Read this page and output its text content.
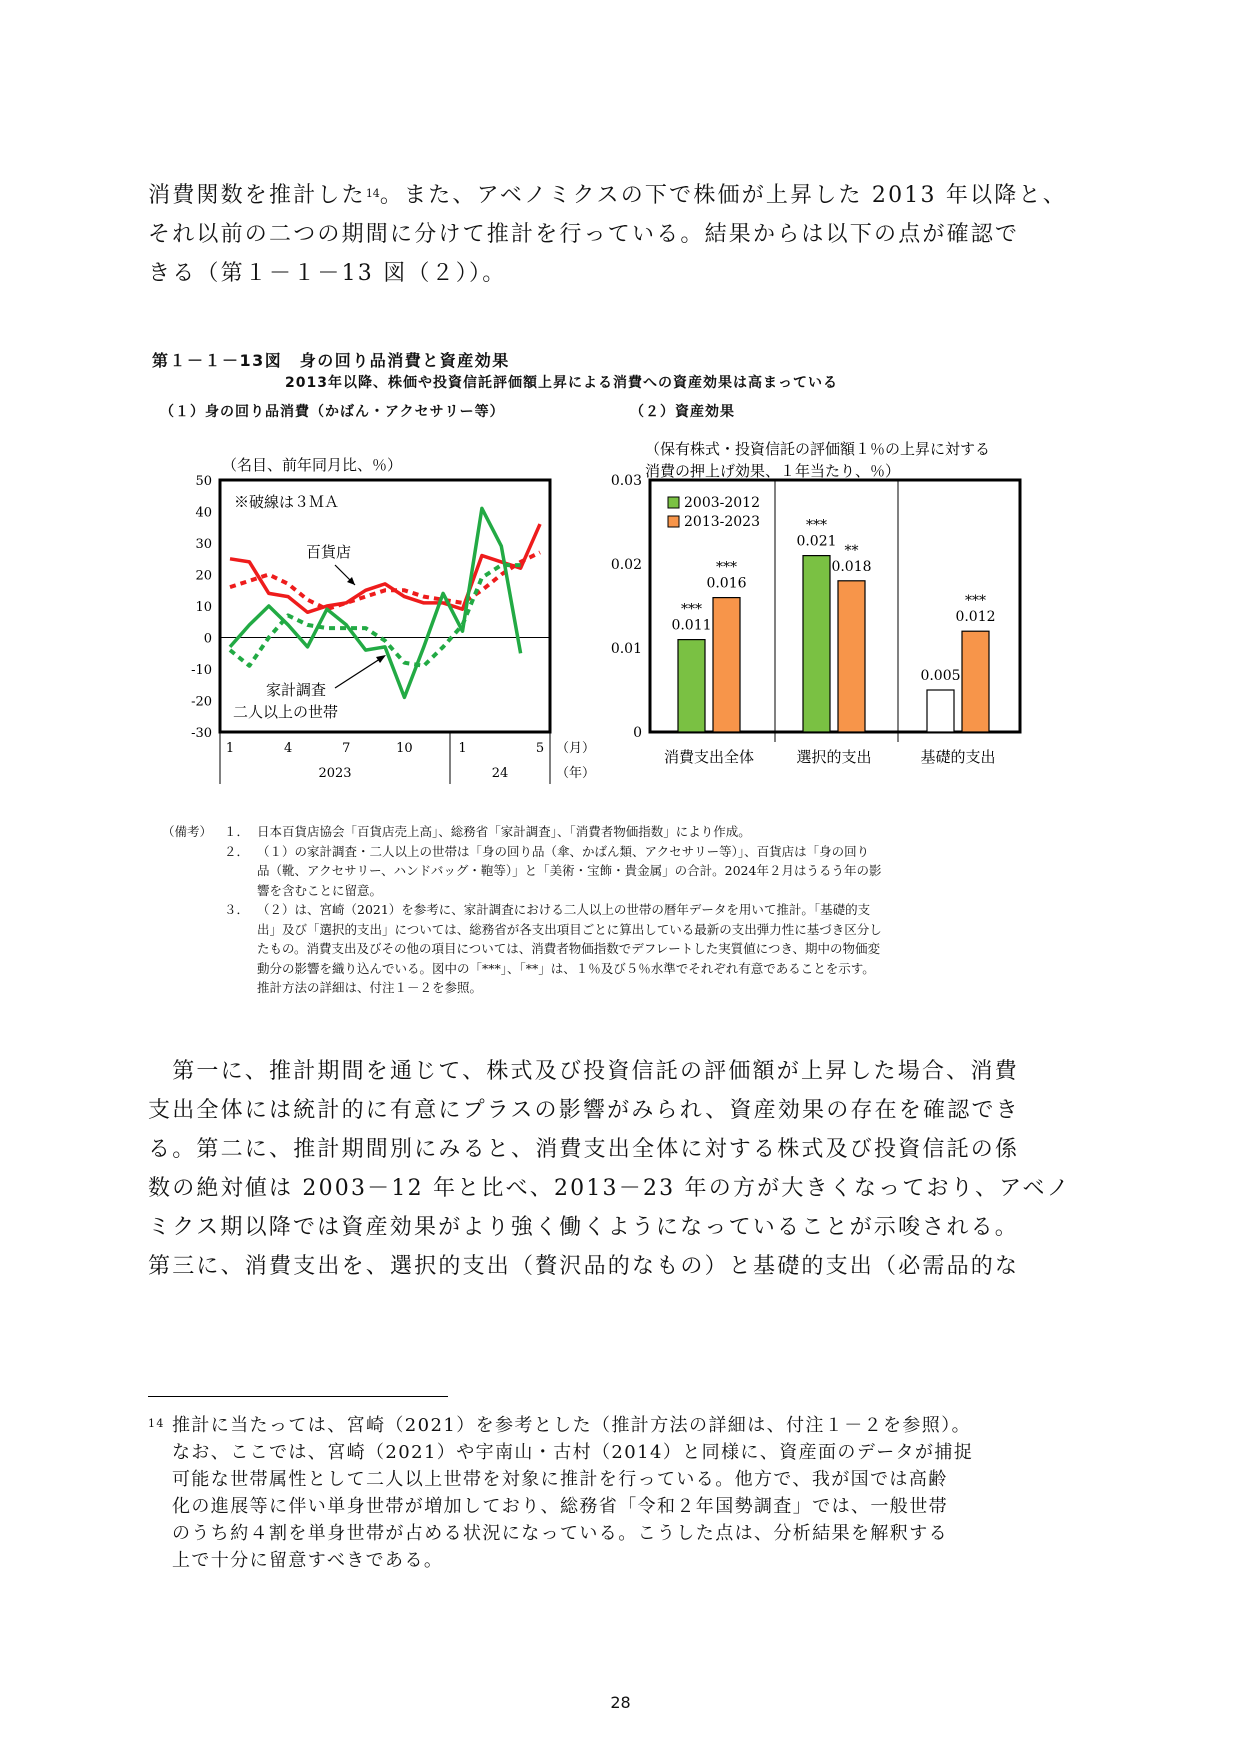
消費関数を推計した$^{14}$。また、アベノミクスの下で株価が上昇した 2013 年以降と、
それ以前の二つの期間に分けて推計を行っている。結果からは以下の点が確認で
きる（第１－１－13 図（２））。
第１－１－13図　身の回り品消費と資産効果
2013年以降、株価や投資信託評価額上昇による消費への資産効果は高まっている
（１）身の回り品消費（かばん・アクセサリー等）	（２）資産効果
50
40
30
20
10
0
-10
-20
-30
（名目、前年同月比、％）
※破線は３ＭＡ
1	4	7	10	1	5 （月）
2023	24	（年）
百貨店
家計調査
二人以上の世帯
（保有株式・投資信託の評価額１％の上昇に対する
消費の押上げ効果、１年当たり、％）
0.03
0.02
0.01
0
消費支出全体	選択的支出	基礎的支出
0.011
***
0.021
***
0.005
0.016
***	0.018
**
0.012
***
2003-2012
2013-2023
（備考） １． 日本百貨店協会「百貨店売上高」、総務省「家計調査」、「消費者物価指数」により作成。
２． （１）の家計調査・二人以上の世帯は「身の回り品（傘、かばん類、アクセサリー等）」、百貨店は「身の回り
品（靴、アクセサリー、ハンドバッグ・鞄等）」と「美術・宝飾・貴金属」の合計。2024年２月はうるう年の影
響を含むことに留意。
３． （２）は、宮崎（2021）を参考に、家計調査における二人以上の世帯の暦年データを用いて推計。「基礎的支
出」及び「選択的支出」については、総務省が各支出項目ごとに算出している最新の支出弾力性に基づき区分し
たもの。消費支出及びその他の項目については、消費者物価指数でデフレートした実質値につき、期中の物価変
動分の影響を織り込んでいる。図中の「***」、「**」は、１％及び５％水準でそれぞれ有意であることを示す。
推計方法の詳細は、付注１－２を参照。
　第一に、推計期間を通じて、株式及び投資信託の評価額が上昇した場合、消費
支出全体には統計的に有意にプラスの影響がみられ、資産効果の存在を確認でき
る。第二に、推計期間別にみると、消費支出全体に対する株式及び投資信託の係
数の絶対値は 2003－12 年と比べ、2013－23 年の方が大きくなっており、アベノ
ミクス期以降では資産効果がより強く働くようになっていることが示唆される。
第三に、消費支出を、選択的支出（贅沢品的なもの）と基礎的支出（必需品的な
14 推計に当たっては、宮崎（2021）を参考とした（推計方法の詳細は、付注１－２を参照）。
なお、ここでは、宮崎（2021）や宇南山・古村（2014）と同様に、資産面のデータが捕捉
可能な世帯属性として二人以上世帯を対象に推計を行っている。他方で、我が国では高齢
化の進展等に伴い単身世帯が増加しており、総務省「令和２年国勢調査」では、一般世帯
のうち約４割を単身世帯が占める状況になっている。こうした点は、分析結果を解釈する
上で十分に留意すべきである。
28
